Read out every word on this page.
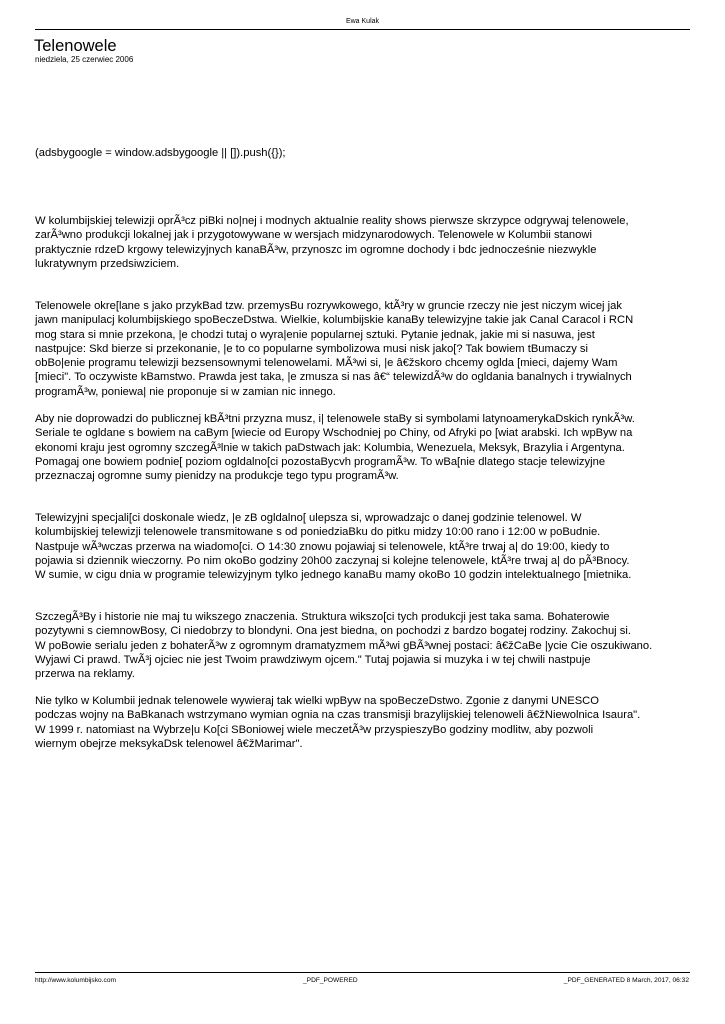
Ewa Kulak
Telenowele
niedziela, 25 czerwiec 2006
(adsbygoogle = window.adsbygoogle || []).push({});

W kolumbijskiej telewizji oprÃ³cz piBki no|nej i modnych aktualnie reality shows pierwsze skrzypce odgrywaj telenowele,
zarÃ³wno produkcji lokalnej jak i przygotowywane w wersjach midzynarodowych. Telenowele w Kolumbii stanowi
praktycznie rdzeD krgowy telewizyjnych kanaBÃ³w, przynoszc im ogromne dochody i bdc jednocześnie niezwykle
lukratywnym przedsiwziciem.

Telenowele okre[lane s jako przykBad tzw. przemysBu rozrywkowego, ktÃ³ry w gruncie rzeczy nie jest niczym wicej jak
jawn manipulacj kolumbijskiego spoBeczeDstwa. Wielkie, kolumbijskie kanaBy telewizyjne takie jak Canal Caracol i RCN
mog stara si mnie przekona, |e chodzi tutaj o wyra|enie popularnej sztuki. Pytanie jednak, jakie mi si nasuwa, jest
nastpujce: Skd bierze si przekonanie, |e to co popularne symbolizowa musi nisk jako[? Tak bowiem tBumaczy si
obBo|enie programu telewizji bezsensownymi telenowelami. MÃ³wi si, |e â€žskoro chcemy oglda [mieci, dajemy Wam
[mieci". To oczywiste kBamstwo. Prawda jest taka, |e zmusza si nas â€“ telewizdÃ³w do ogldania banalnych i trywialnych
programÃ³w, poniewa| nie proponuje si w zamian nic innego.

Aby nie doprowadzi do publicznej kBÃ³tni przyzna musz, i| telenowele staBy si symbolami latynoamerykaDskich rynkÃ³w.
Seriale te ogldane s bowiem na caBym [wiecie od Europy Wschodniej po Chiny, od Afryki po [wiat arabski. Ich wpByw na
ekonomi kraju jest ogromny szczegÃ³lnie w takich paDstwach jak: Kolumbia, Wenezuela, Meksyk, Brazylia i Argentyna.
Pomagaj one bowiem podnie[ poziom ogldalno[ci pozostaBycvh programÃ³w. To wBa[nie dlatego stacje telewizyjne
przeznaczaj ogromne sumy pienidzy na produkcje tego typu programÃ³w.

Telewizyjni specjali[ci doskonale wiedz, |e zB ogldalno[ ulepsza si, wprowadzajc o danej godzinie telenowel. W
kolumbijskiej telewizji telenowele transmitowane s od poniedziaBku do pitku midzy 10:00 rano i 12:00 w poBudnie.
Nastpuje wÃ³wczas przerwa na wiadomo[ci. O 14:30 znowu pojawiaj si telenowele, ktÃ³re trwaj a| do 19:00, kiedy to
pojawia si dziennik wieczorny. Po nim okoBo godziny 20h00 zaczynaj si kolejne telenowele, ktÃ³re trwaj a| do pÃ³Bnocy.
W sumie, w cigu dnia w programie telewizyjnym tylko jednego kanaBu mamy okoBo 10 godzin intelektualnego [mietnika.

SzczegÃ³By i historie nie maj tu wikszego znaczenia. Struktura wikszo[ci tych produkcji jest taka sama. Bohaterowie
pozytywni s ciemnowBosy, Ci niedobrzy to blondyni. Ona jest biedna, on pochodzi z bardzo bogatej rodziny. Zakochuj si.
W poBowie serialu jeden z bohaterÃ³w z ogromnym dramatyzmem mÃ³wi gBÃ³wnej postaci: â€žCaBe |ycie Cie oszukiwano.
Wyjawi Ci prawd. TwÃ³j ojciec nie jest Twoim prawdziwym ojcem." Tutaj pojawia si muzyka i w tej chwili nastpuje
przerwa na reklamy.

Nie tylko w Kolumbii jednak telenowele wywieraj tak wielki wpByw na spoBeczeDstwo. Zgonie z danymi UNESCO
podczas wojny na BaBkanach wstrzymano wymian ognia na czas transmisji brazylijskiej telenoweli â€žNiewolnica Isaura".
W 1999 r. natomiast na Wybrze|u Ko[ci SBoniowej wiele meczetÃ³w przyspieszyBo godziny modlitw, aby pozwoli
wiernym obejrze meksykaDsk telenowel â€žMarimar".

http://www.kolumbijsko.com	_PDF_POWERED	_PDF_GENERATED 8 March, 2017, 06:32
